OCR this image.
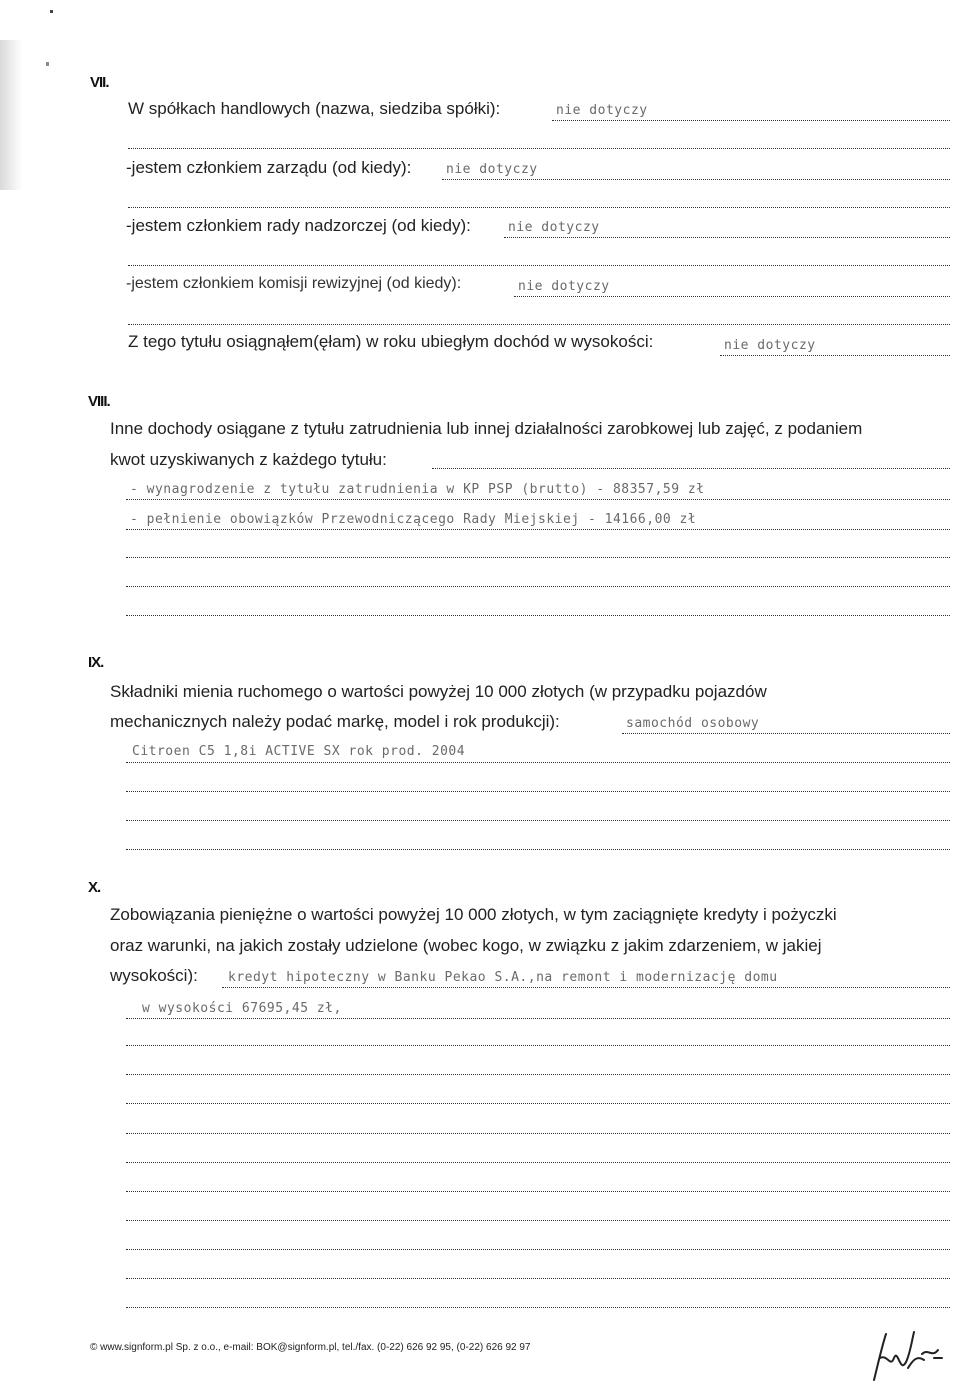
VII.
W spółkach handlowych (nazwa, siedziba spółki):	nie dotyczy
-jestem członkiem zarządu (od kiedy):	nie dotyczy
-jestem członkiem rady nadzorczej (od kiedy):	nie dotyczy
-jestem członkiem komisji rewizyjnej (od kiedy):	nie dotyczy
Z tego tytułu osiągnąłem(ęłam) w roku ubiegłym dochód w wysokości:	nie dotyczy
VIII.
Inne dochody osiągane z tytułu zatrudnienia lub innej działalności zarobkowej lub zajęć, z podaniem
kwot uzyskiwanych z każdego tytułu:
- wynagrodzenie z tytułu zatrudnienia w KP PSP (brutto) - 88357,59 zł
- pełnienie obowiązków Przewodniczącego Rady Miejskiej - 14166,00 zł
IX.
Składniki mienia ruchomego o wartości powyżej 10 000 złotych (w przypadku pojazdów
mechanicznych należy podać markę, model i rok produkcji):	samochód osobowy
Citroen C5 1,8i ACTIVE SX rok prod. 2004
X.
Zobowiązania pieniężne o wartości powyżej 10 000 złotych, w tym zaciągnięte kredyty i pożyczki
oraz warunki, na jakich zostały udzielone (wobec kogo, w związku z jakim zdarzeniem, w jakiej
wysokości): kredyt hipoteczny w Banku Pekao S.A.,na remont i modernizację domu
w wysokości 67695,45 zł,
© www.signform.pl Sp. z o.o., e-mail: BOK@signform.pl, tel./fax. (0-22) 626 92 95, (0-22) 626 92 97
